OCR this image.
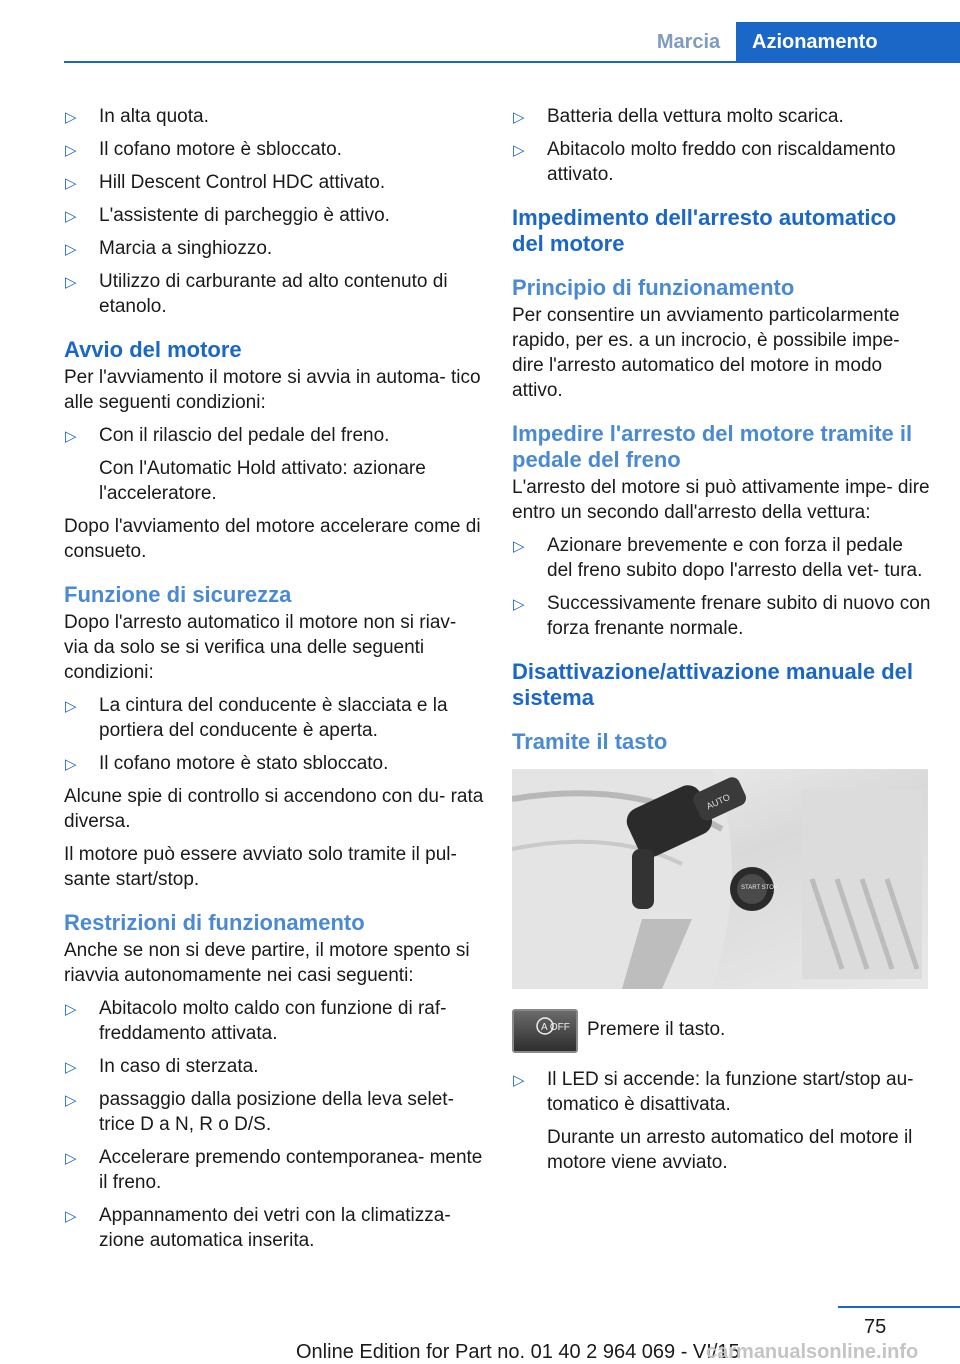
Marcia	Azionamento
▷ In alta quota.
▷ Il cofano motore è sbloccato.
▷ Hill Descent Control HDC attivato.
▷ L'assistente di parcheggio è attivo.
▷ Marcia a singhiozzo.
▷ Utilizzo di carburante ad alto contenuto di etanolo.
Avvio del motore
Per l'avviamento il motore si avvia in automa‐ tico alle seguenti condizioni:
▷ Con il rilascio del pedale del freno.
Con l'Automatic Hold attivato: azionare l'acceleratore.
Dopo l'avviamento del motore accelerare come di consueto.
Funzione di sicurezza
Dopo l'arresto automatico il motore non si riav‐ via da solo se si verifica una delle seguenti condizioni:
▷ La cintura del conducente è slacciata e la portiera del conducente è aperta.
▷ Il cofano motore è stato sbloccato.
Alcune spie di controllo si accendono con du‐ rata diversa.
Il motore può essere avviato solo tramite il pul‐ sante start/stop.
Restrizioni di funzionamento
Anche se non si deve partire, il motore spento si riavvia autonomamente nei casi seguenti:
▷ Abitacolo molto caldo con funzione di raf‐ freddamento attivata.
▷ In caso di sterzata.
▷ passaggio dalla posizione della leva selet‐ trice D a N, R o D/S.
▷ Accelerare premendo contemporanea‐ mente il freno.
▷ Appannamento dei vetri con la climatizza‐ zione automatica inserita.
▷ Batteria della vettura molto scarica.
▷ Abitacolo molto freddo con riscaldamento attivato.
Impedimento dell'arresto automatico del motore
Principio di funzionamento
Per consentire un avviamento particolarmente rapido, per es. a un incrocio, è possibile impe‐ dire l'arresto automatico del motore in modo attivo.
Impedire l'arresto del motore tramite il pedale del freno
L'arresto del motore si può attivamente impe‐ dire entro un secondo dall'arresto della vettura:
▷ Azionare brevemente e con forza il pedale del freno subito dopo l'arresto della vet‐ tura.
▷ Successivamente frenare subito di nuovo con forza frenante normale.
Disattivazione/attivazione manuale del sistema
Tramite il tasto
AUTO
START STOP
A OFF Premere il tasto.
▷ Il LED si accende: la funzione start/stop au‐ tomatico è disattivata.
Durante un arresto automatico del motore il motore viene avviato.
75
Online Edition for Part no. 01 40 2 964 069 - VI/15
carmanualsonline.info
